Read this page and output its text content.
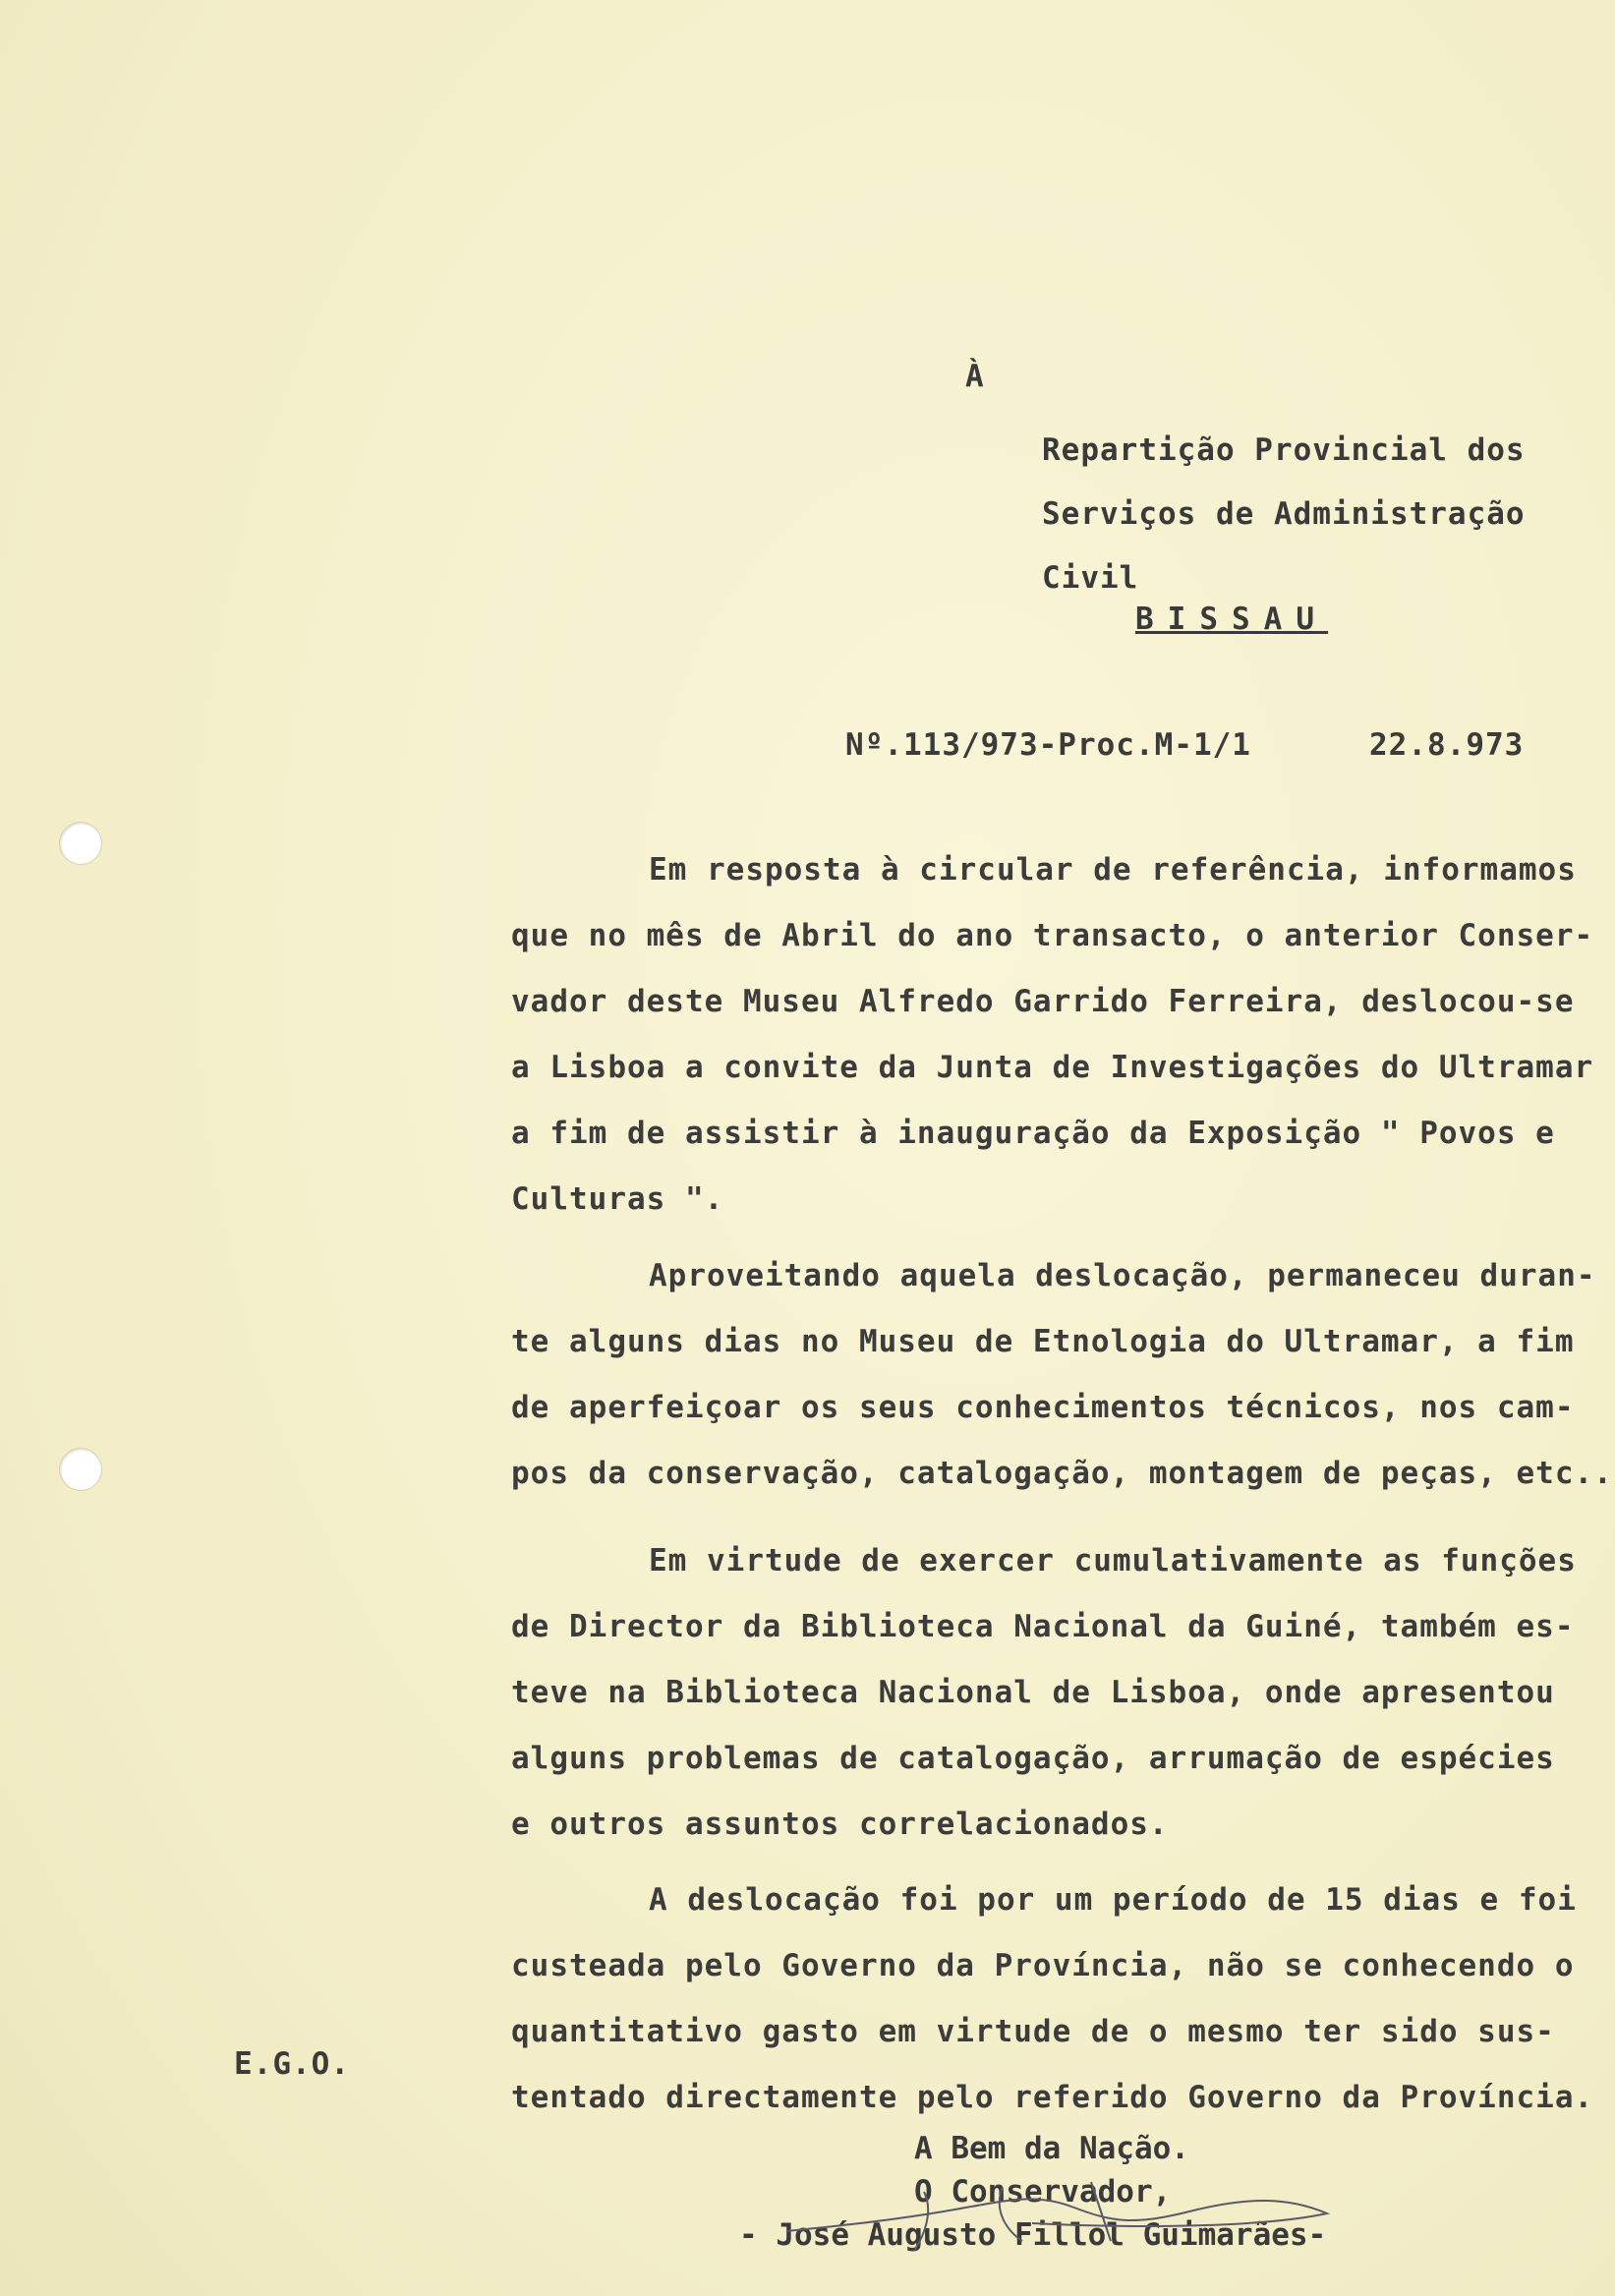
À
Repartição Provincial dos
Serviços de Administração
Civil
BISSAU
Nº.113/973-Proc.M-1/1	22.8.973
Em resposta à circular de referência, informamos
que no mês de Abril do ano transacto, o anterior Conser-
vador deste Museu Alfredo Garrido Ferreira, deslocou-se
a Lisboa a convite da Junta de Investigações do Ultramar
a fim de assistir à inauguração da Exposição " Povos e
Culturas ".
Aproveitando aquela deslocação, permaneceu duran-
te alguns dias no Museu de Etnologia do Ultramar, a fim
de aperfeiçoar os seus conhecimentos técnicos, nos cam-
pos da conservação, catalogação, montagem de peças, etc..
Em virtude de exercer cumulativamente as funções
de Director da Biblioteca Nacional da Guiné, também es-
teve na Biblioteca Nacional de Lisboa, onde apresentou
alguns problemas de catalogação, arrumação de espécies
e outros assuntos correlacionados.
A deslocação foi por um período de 15 dias e foi
custeada pelo Governo da Província, não se conhecendo o
quantitativo gasto em virtude de o mesmo ter sido sus-
tentado directamente pelo referido Governo da Província.
E.G.O.
A Bem da Nação.
O Conservador,
- José Augusto Fillol Guimarães-
